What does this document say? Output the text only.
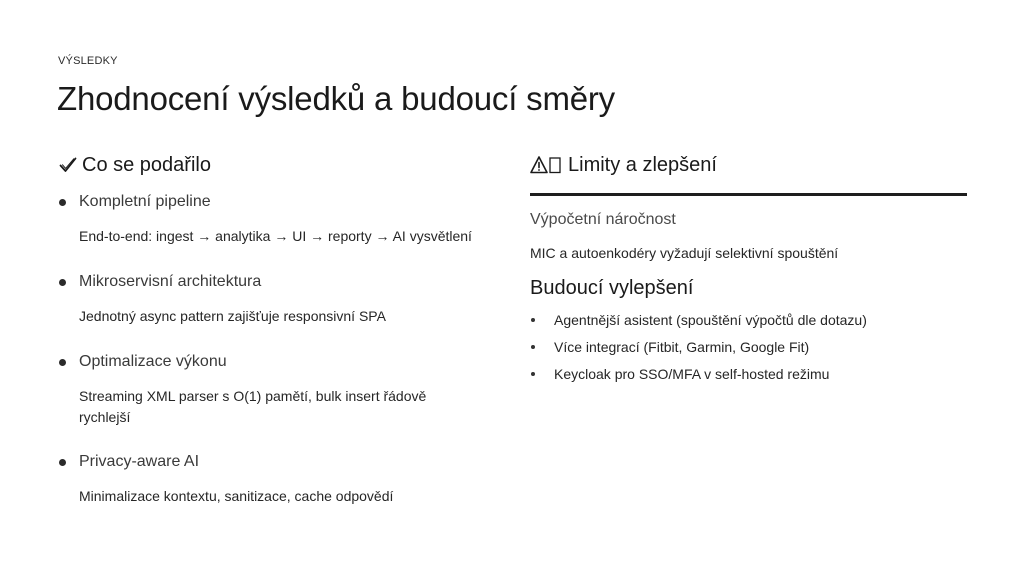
VÝSLEDKY
Zhodnocení výsledků a budoucí směry
Co se podařilo
Kompletní pipeline
End-to-end: ingest → analytika → UI → reporty → AI vysvětlení
Mikroservisní architektura
Jednotný async pattern zajišťuje responsivní SPA
Optimalizace výkonu
Streaming XML parser s O(1) pamětí, bulk insert řádově rychlejší
Privacy-aware AI
Minimalizace kontextu, sanitizace, cache odpovědí
Limity a zlepšení
Výpočetní náročnost
MIC a autoenkodéry vyžadují selektivní spouštění
Budoucí vylepšení
Agentnější asistent (spouštění výpočtů dle dotazu)
Více integrací (Fitbit, Garmin, Google Fit)
Keycloak pro SSO/MFA v self-hosted režimu
